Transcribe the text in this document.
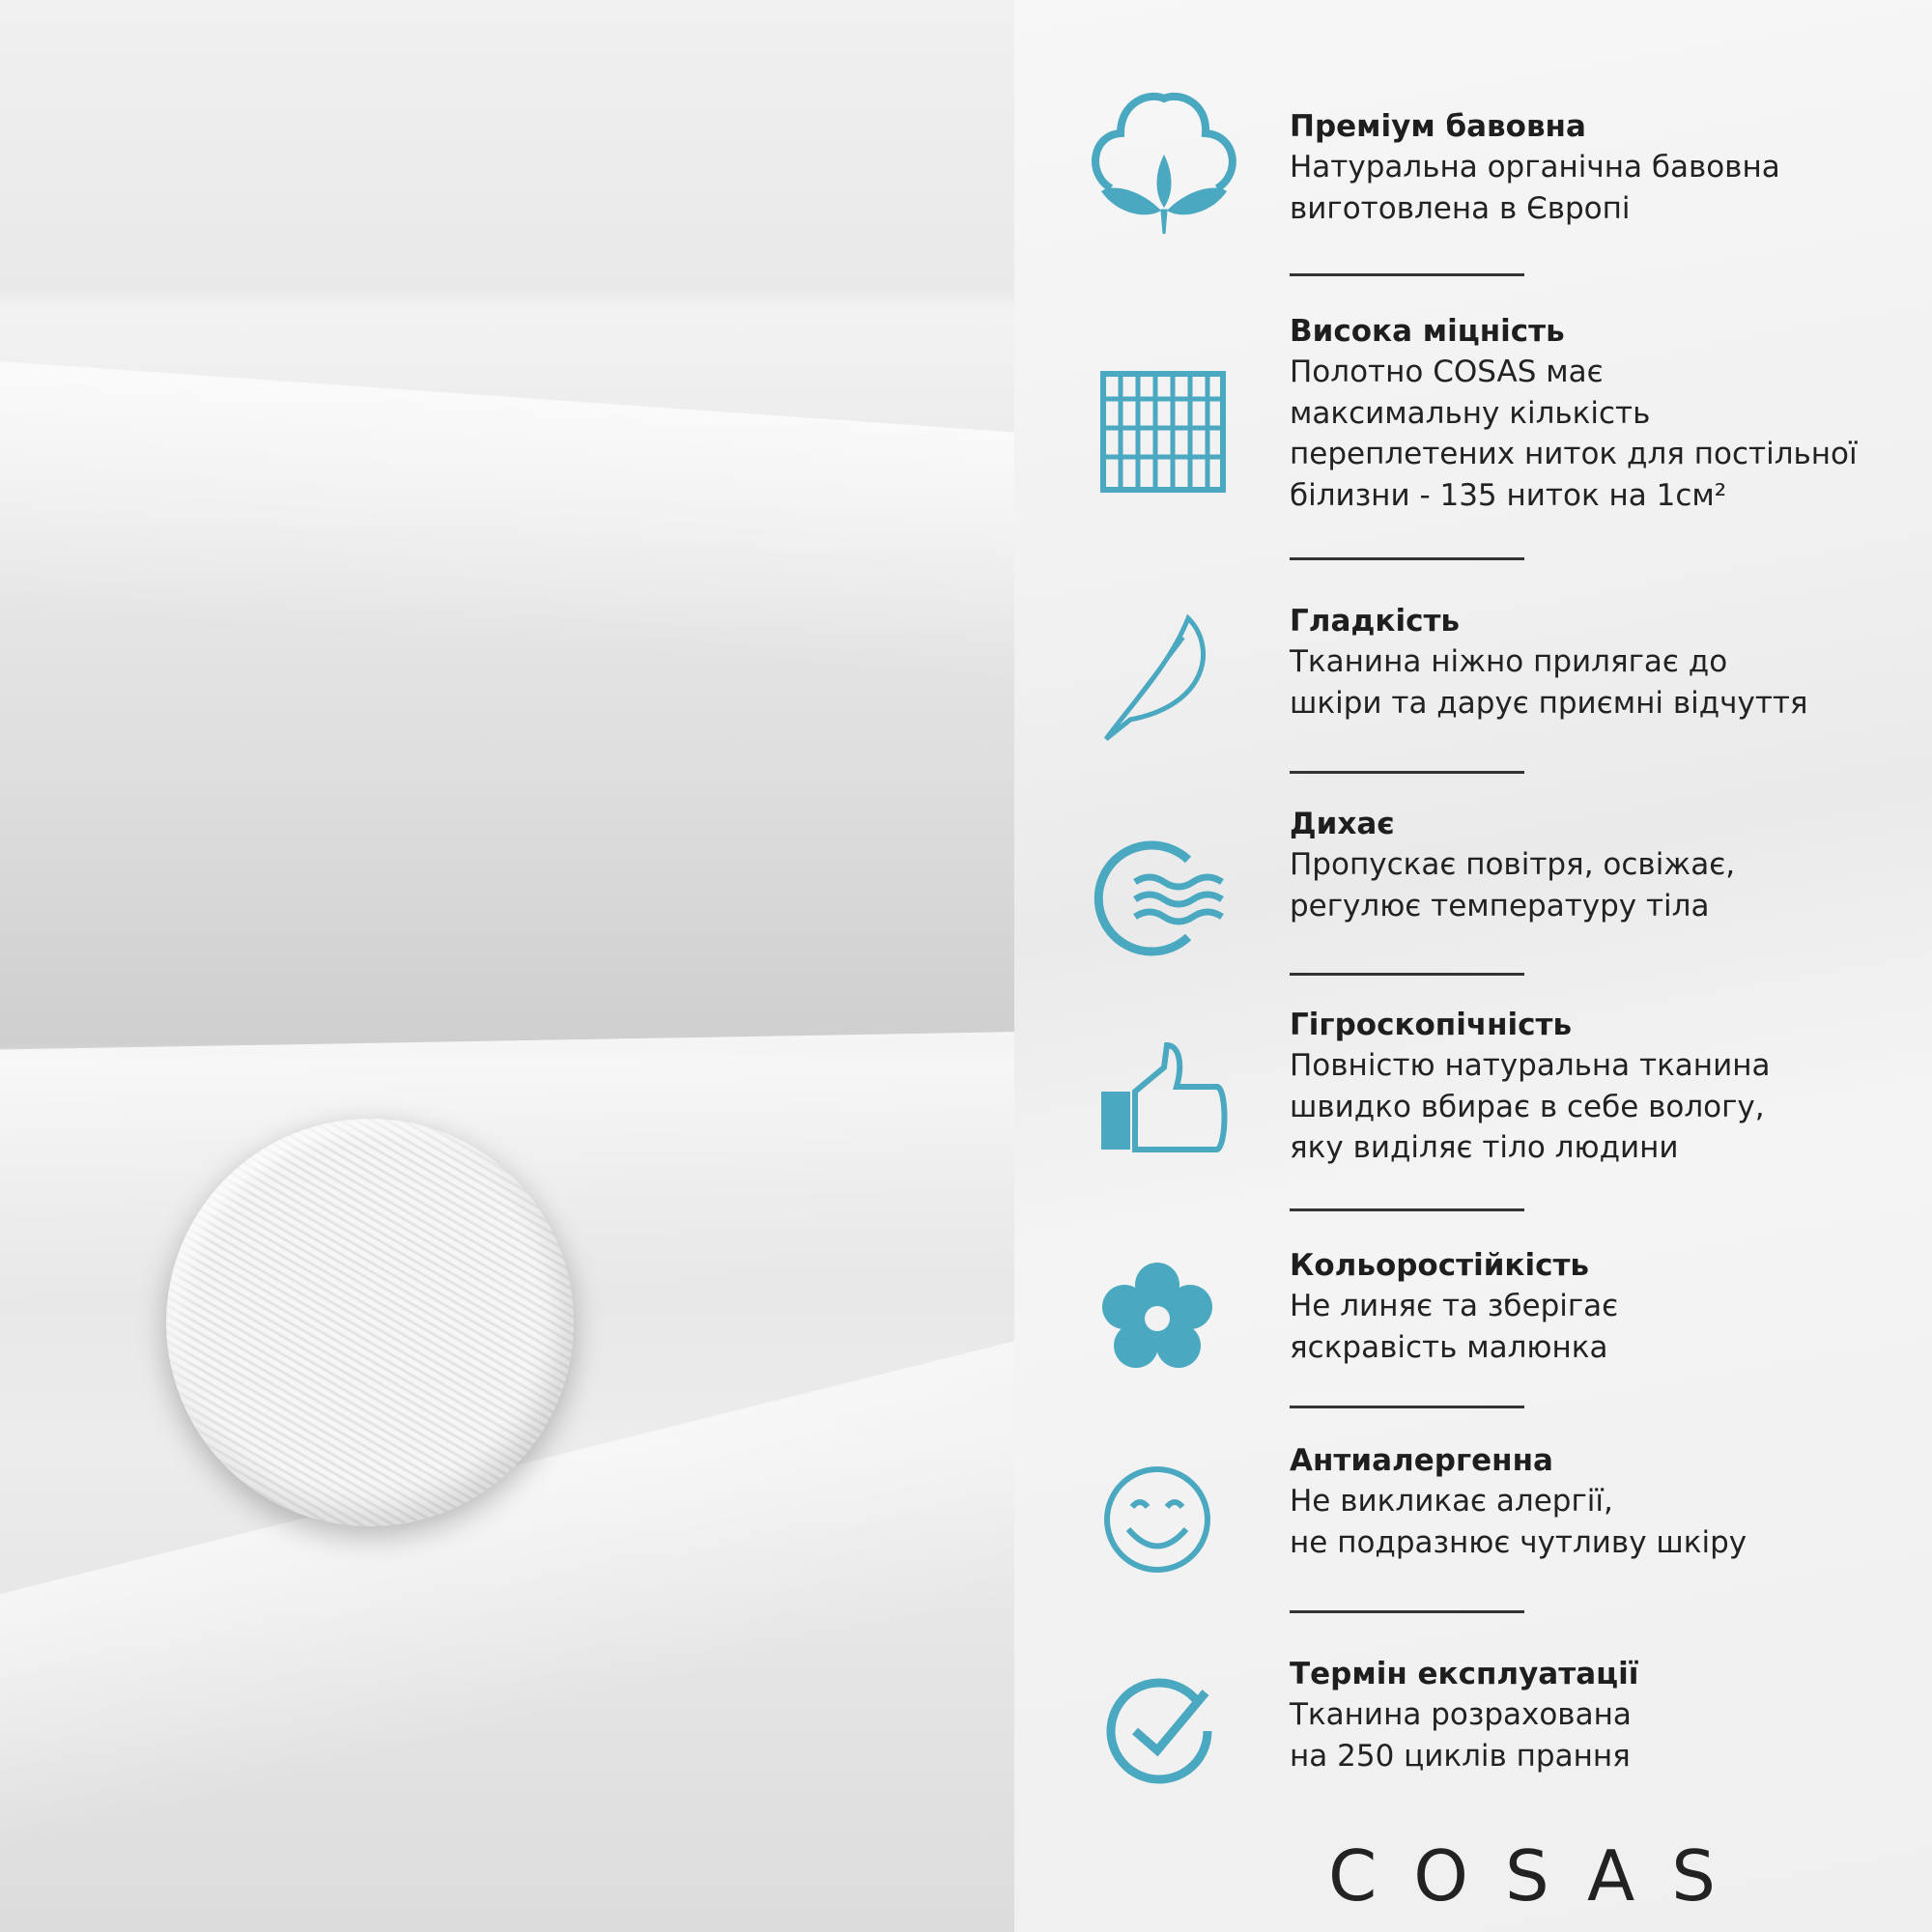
Преміум бавовна

Натуральна органічна бавовна

виготовлена в Європі

Висока міцність

Полотно COSAS має

максимальну кількість

переплетених ниток для постільної

білизни - 135 ниток на 1см²

Гладкість

Тканина ніжно прилягає до

шкіри та дарує приємні відчуття

Дихає

Пропускає повітря, освіжає,

регулює температуру тіла

Гігроскопічність

Повністю натуральна тканина

швидко вбирає в себе вологу,

яку виділяє тіло людини

Кольоростійкість

Не линяє та зберігає

яскравість малюнка

Антиалергенна

Не викликає алергії,

не подразнює чутливу шкіру

Термін експлуатації

Тканина розрахована

на 250 циклів прання

COSAS
